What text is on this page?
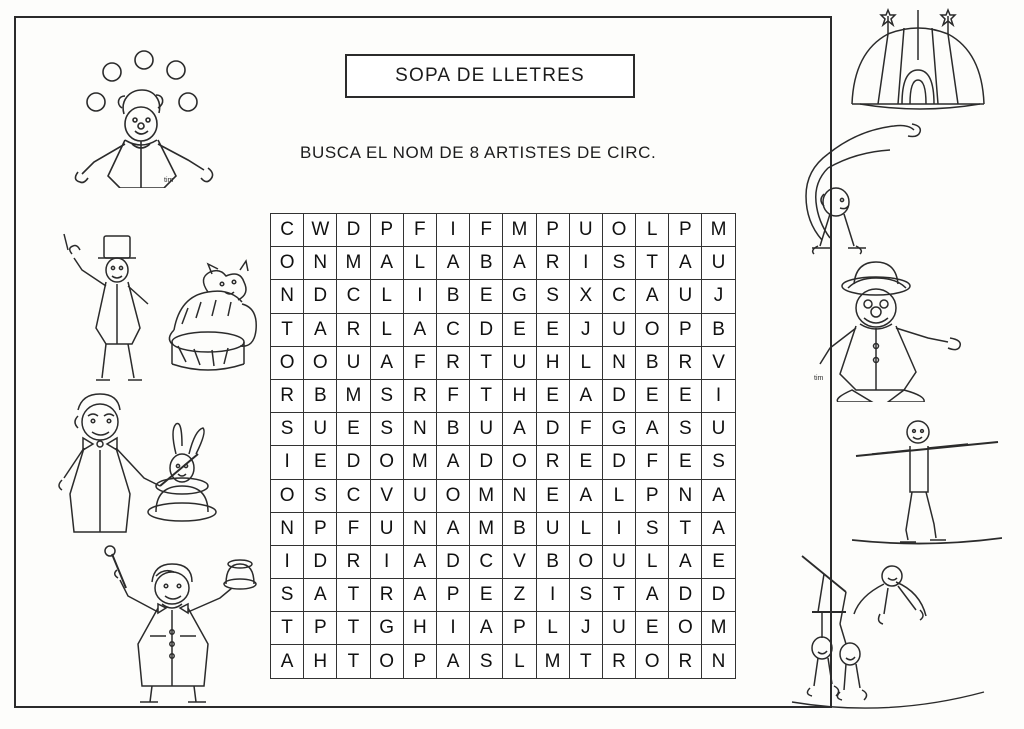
SOPA DE LLETRES
BUSCA EL NOM DE 8 ARTISTES DE CIRC.
C W D	P	F	I	F	M P	U O	L	P M
O N M A	L	A	B	A	R	I	S	T	A	U
N	D	C	L	I	B	E	G	S	X	C	A	U	J
T	A	R	L	A	C	D	E	E	J	U O	P	B
O O U	A	F	R	T	U	H	L	N	B	R	V
R	B M S	R	F	T	H	E	A	D	E	E	I
S	U	E	S	N	B	U	A	D	F	G	A	S	U
I	E	D O M A	D O R	E	D	F	E	S
O	S	C	V	U O M N	E	A	L	P	N	A
N	P	F	U	N	A M B	U	L	I	S	T	A
I	D	R	I	A	D	C	V	B	O U	L	A	E
S	A	T	R	A	P	E	Z	I	S	T	A	D	D
T	P	T	G H	I	A	P	L	J	U	E	O M
A	H	T	O	P	A	S	L	M	T	R O R	N
tim
tim
